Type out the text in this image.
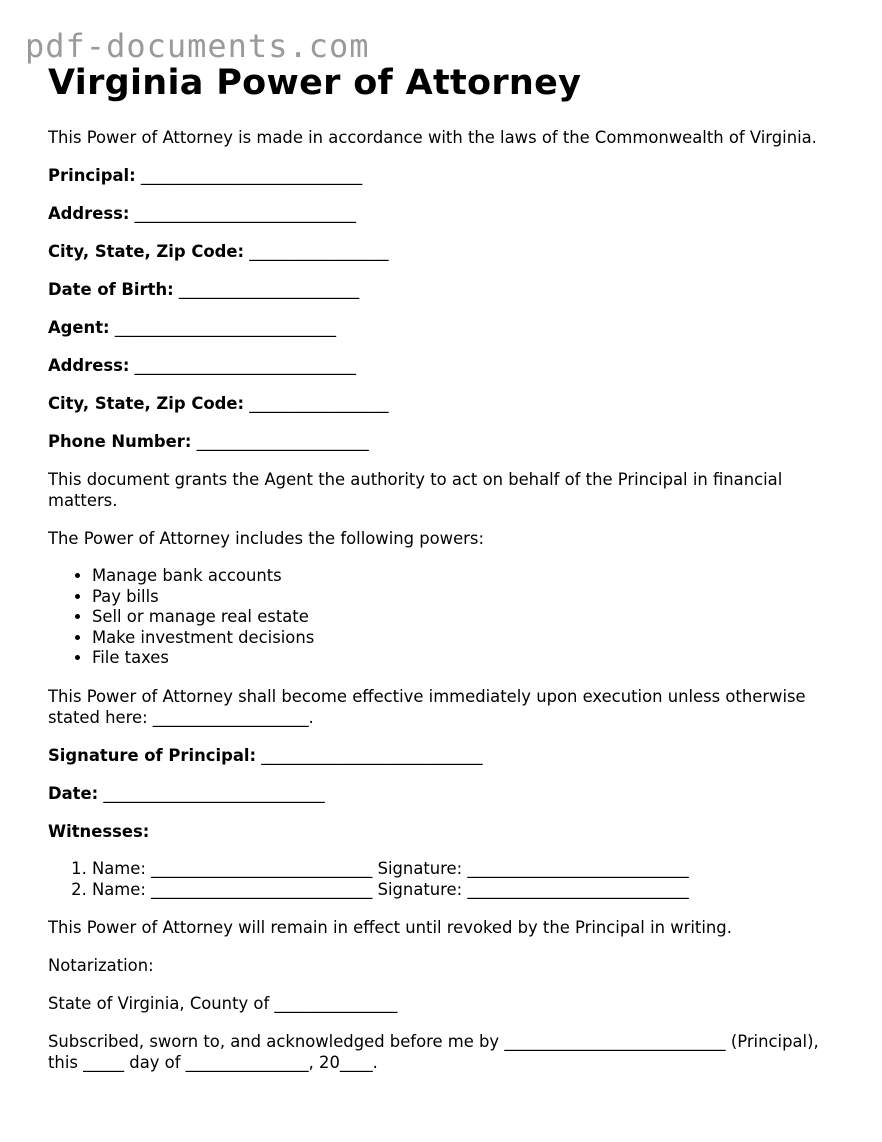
pdf-documents.com
Virginia Power of Attorney

This Power of Attorney is made in accordance with the laws of the Commonwealth of Virginia.

Principal: ___________________________

Address: ___________________________

City, State, Zip Code: _________________

Date of Birth: ______________________

Agent: ___________________________

Address: ___________________________

City, State, Zip Code: _________________

Phone Number: _____________________

This document grants the Agent the authority to act on behalf of the Principal in financial matters.

The Power of Attorney includes the following powers:

• Manage bank accounts
• Pay bills
• Sell or manage real estate
• Make investment decisions
• File taxes

This Power of Attorney shall become effective immediately upon execution unless otherwise stated here: ___________________.

Signature of Principal: ___________________________

Date: ___________________________

Witnesses:

1. Name: ___________________________ Signature: ___________________________
2. Name: ___________________________ Signature: ___________________________

This Power of Attorney will remain in effect until revoked by the Principal in writing.

Notarization:

State of Virginia, County of _______________

Subscribed, sworn to, and acknowledged before me by ___________________________ (Principal), this _____ day of _______________, 20____.
